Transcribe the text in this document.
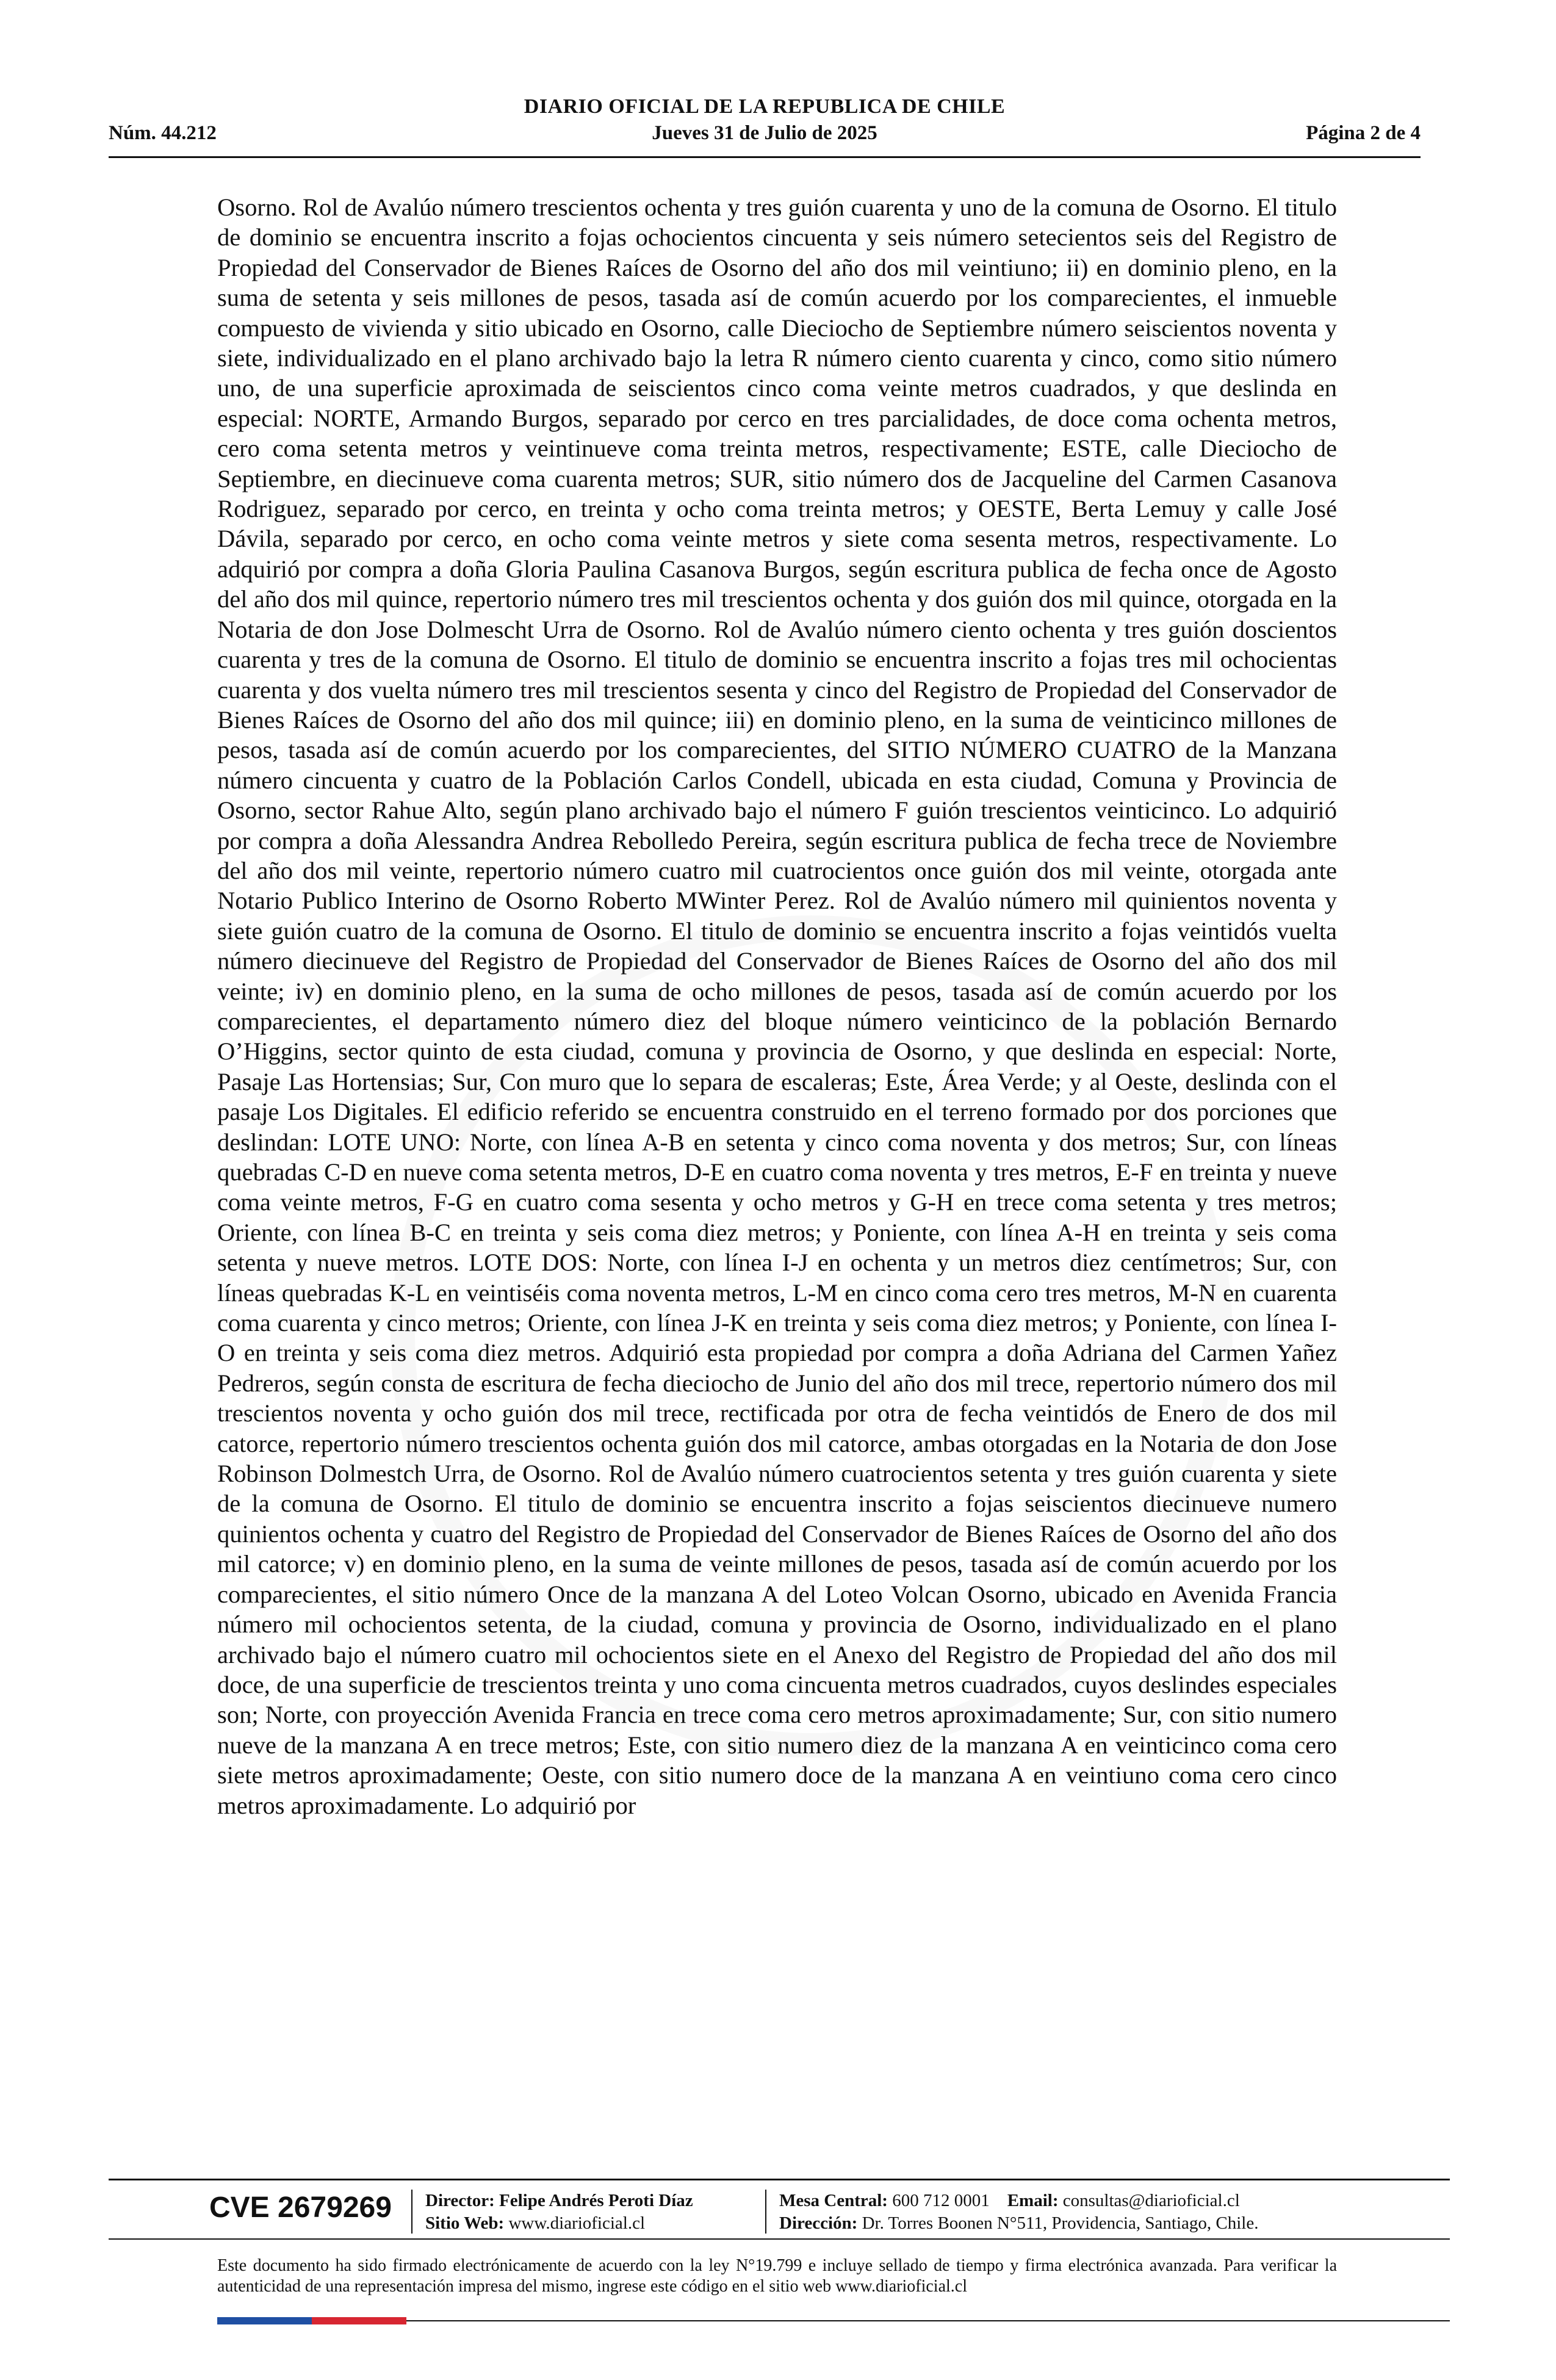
DIARIO OFICIAL DE LA REPUBLICA DE CHILE
Núm. 44.212	Jueves 31 de Julio de 2025	Página 2 de 4
Osorno. Rol de Avalúo número trescientos ochenta y tres guión cuarenta y uno de la comuna de Osorno. El titulo de dominio se encuentra inscrito a fojas ochocientos cincuenta y seis número setecientos seis del Registro de Propiedad del Conservador de Bienes Raíces de Osorno del año dos mil veintiuno; ii) en dominio pleno, en la suma de setenta y seis millones de pesos, tasada así de común acuerdo por los comparecientes, el inmueble compuesto de vivienda y sitio ubicado en Osorno, calle Dieciocho de Septiembre número seiscientos noventa y siete, individualizado en el plano archivado bajo la letra R número ciento cuarenta y cinco, como sitio número uno, de una superficie aproximada de seiscientos cinco coma veinte metros cuadrados, y que deslinda en especial: NORTE, Armando Burgos, separado por cerco en tres parcialidades, de doce coma ochenta metros, cero coma setenta metros y veintinueve coma treinta metros, respectivamente; ESTE, calle Dieciocho de Septiembre, en diecinueve coma cuarenta metros; SUR, sitio número dos de Jacqueline del Carmen Casanova Rodriguez, separado por cerco, en treinta y ocho coma treinta metros; y OESTE, Berta Lemuy y calle José Dávila, separado por cerco, en ocho coma veinte metros y siete coma sesenta metros, respectivamente. Lo adquirió por compra a doña Gloria Paulina Casanova Burgos, según escritura publica de fecha once de Agosto del año dos mil quince, repertorio número tres mil trescientos ochenta y dos guión dos mil quince, otorgada en la Notaria de don Jose Dolmescht Urra de Osorno. Rol de Avalúo número ciento ochenta y tres guión doscientos cuarenta y tres de la comuna de Osorno. El titulo de dominio se encuentra inscrito a fojas tres mil ochocientas cuarenta y dos vuelta número tres mil trescientos sesenta y cinco del Registro de Propiedad del Conservador de Bienes Raíces de Osorno del año dos mil quince; iii) en dominio pleno, en la suma de veinticinco millones de pesos, tasada así de común acuerdo por los comparecientes, del SITIO NÚMERO CUATRO de la Manzana número cincuenta y cuatro de la Población Carlos Condell, ubicada en esta ciudad, Comuna y Provincia de Osorno, sector Rahue Alto, según plano archivado bajo el número F guión trescientos veinticinco. Lo adquirió por compra a doña Alessandra Andrea Rebolledo Pereira, según escritura publica de fecha trece de Noviembre del año dos mil veinte, repertorio número cuatro mil cuatrocientos once guión dos mil veinte, otorgada ante Notario Publico Interino de Osorno Roberto MWinter Perez. Rol de Avalúo número mil quinientos noventa y siete guión cuatro de la comuna de Osorno. El titulo de dominio se encuentra inscrito a fojas veintidós vuelta número diecinueve del Registro de Propiedad del Conservador de Bienes Raíces de Osorno del año dos mil veinte; iv) en dominio pleno, en la suma de ocho millones de pesos, tasada así de común acuerdo por los comparecientes, el departamento número diez del bloque número veinticinco de la población Bernardo O’Higgins, sector quinto de esta ciudad, comuna y provincia de Osorno, y que deslinda en especial: Norte, Pasaje Las Hortensias; Sur, Con muro que lo separa de escaleras; Este, Área Verde; y al Oeste, deslinda con el pasaje Los Digitales. El edificio referido se encuentra construido en el terreno formado por dos porciones que deslindan: LOTE UNO: Norte, con línea A-B en setenta y cinco coma noventa y dos metros; Sur, con líneas quebradas C-D en nueve coma setenta metros, D-E en cuatro coma noventa y tres metros, E-F en treinta y nueve coma veinte metros, F-G en cuatro coma sesenta y ocho metros y G-H en trece coma setenta y tres metros; Oriente, con línea B-C en treinta y seis coma diez metros; y Poniente, con línea A-H en treinta y seis coma setenta y nueve metros. LOTE DOS: Norte, con línea I-J en ochenta y un metros diez centímetros; Sur, con líneas quebradas K-L en veintiséis coma noventa metros, L-M en cinco coma cero tres metros, M-N en cuarenta coma cuarenta y cinco metros; Oriente, con línea J-K en treinta y seis coma diez metros; y Poniente, con línea I-O en treinta y seis coma diez metros. Adquirió esta propiedad por compra a doña Adriana del Carmen Yañez Pedreros, según consta de escritura de fecha dieciocho de Junio del año dos mil trece, repertorio número dos mil trescientos noventa y ocho guión dos mil trece, rectificada por otra de fecha veintidós de Enero de dos mil catorce, repertorio número trescientos ochenta guión dos mil catorce, ambas otorgadas en la Notaria de don Jose Robinson Dolmestch Urra, de Osorno. Rol de Avalúo número cuatrocientos setenta y tres guión cuarenta y siete de la comuna de Osorno. El titulo de dominio se encuentra inscrito a fojas seiscientos diecinueve numero quinientos ochenta y cuatro del Registro de Propiedad del Conservador de Bienes Raíces de Osorno del año dos mil catorce; v) en dominio pleno, en la suma de veinte millones de pesos, tasada así de común acuerdo por los comparecientes, el sitio número Once de la manzana A del Loteo Volcan Osorno, ubicado en Avenida Francia número mil ochocientos setenta, de la ciudad, comuna y provincia de Osorno, individualizado en el plano archivado bajo el número cuatro mil ochocientos siete en el Anexo del Registro de Propiedad del año dos mil doce, de una superficie de trescientos treinta y uno coma cincuenta metros cuadrados, cuyos deslindes especiales son; Norte, con proyección Avenida Francia en trece coma cero metros aproximadamente; Sur, con sitio numero nueve de la manzana A en trece metros; Este, con sitio numero diez de la manzana A en veinticinco coma cero siete metros aproximadamente; Oeste, con sitio numero doce de la manzana A en veintiuno coma cero cinco metros aproximadamente. Lo adquirió por
CVE 2679269 Director: Felipe Andrés Peroti Díaz
Sitio Web: www.diarioficial.cl
Mesa Central: 600 712 0001 Email: consultas@diarioficial.cl
Dirección: Dr. Torres Boonen N°511, Providencia, Santiago, Chile.
Este documento ha sido firmado electrónicamente de acuerdo con la ley N°19.799 e incluye sellado de tiempo y firma electrónica avanzada. Para verificar la autenticidad de una representación impresa del mismo, ingrese este código en el sitio web www.diarioficial.cl
